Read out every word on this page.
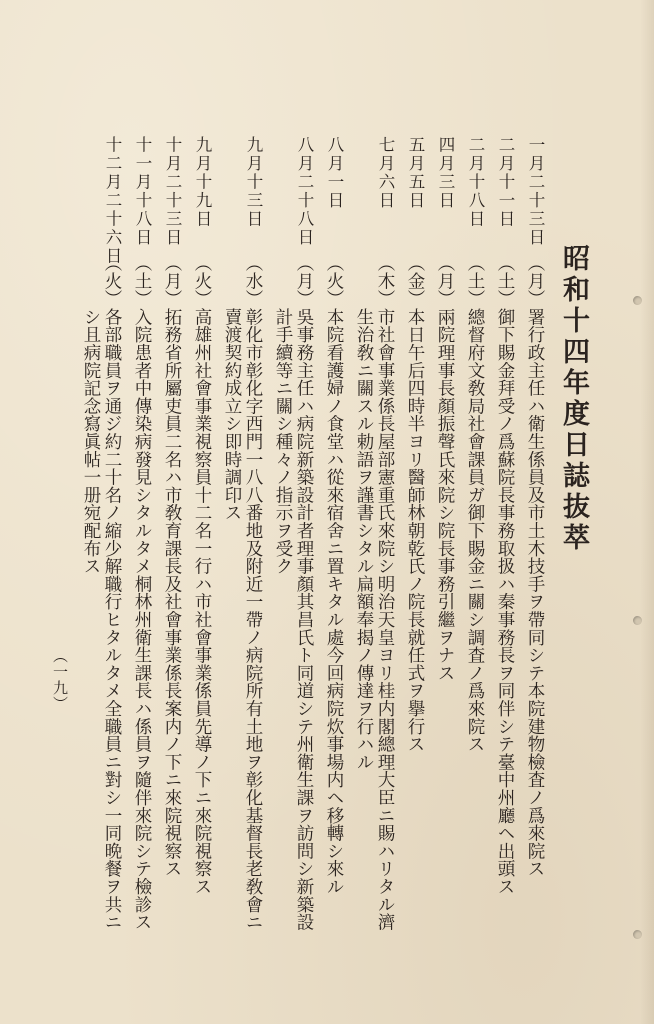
昭和十四年度日誌抜萃
一月二十三日
（月）
署行政主任ハ衛生係員及市土木技手ヲ帶同シテ本院建物檢査ノ爲來院ス
二月十一日
（土）
御下賜金拜受ノ爲蘇院長事務取扱ハ秦事務長ヲ同伴シテ臺中州廳ヘ出頭ス
二月十八日
（土）
總督府文敎局社會課員ガ御下賜金ニ關シ調査ノ爲來院ス
四月三日
（月）
兩院理事長顏振聲氏來院シ院長事務引繼ヲナス
五月五日
（金）
本日午后四時半ヨリ醫師林朝乾氏ノ院長就任式ヲ擧行ス
七月六日
（木）
市社會事業係長屋部憲重氏來院シ明治天皇ヨリ桂内閣總理大臣ニ賜ハリタル濟
生治敎ニ關スル勅語ヲ謹書シタル扁額奉揭ノ傳達ヲ行ハル
八月一日
（火）
本院看護婦ノ食堂ハ從來宿舍ニ置キタル處今回病院炊事場内ヘ移轉シ來ル
八月二十八日
（月）
吳事務主任ハ病院新築設計者理事顏其昌氏ト同道シテ州衛生課ヲ訪問シ新築設
計手續等ニ關シ種々ノ指示ヲ受ク
九月十三日
（水）
彰化市彰化字西門一八八番地及附近一帶ノ病院所有土地ヲ彰化基督長老敎會ニ
賣渡契約成立シ即時調印ス
九月十九日
（火）
高雄州社會事業視察員十二名一行ハ市社會事業係員先導ノ下ニ來院視察ス
十月二十三日
（月）
拓務省所屬吏員二名ハ市敎育課長及社會事業係長案内ノ下ニ來院視察ス
十一月十八日
（土）
入院患者中傳染病發見シタルタメ桐林州衛生課長ハ係員ヲ隨伴來院シテ檢診ス
十二月二十六日
（火）
各部職員ヲ通ジ約二十名ノ縮少解職行ヒタルタメ全職員ニ對シ一同晩餐ヲ共ニ
シ且病院記念寫眞帖一册宛配布ス
（一九）
